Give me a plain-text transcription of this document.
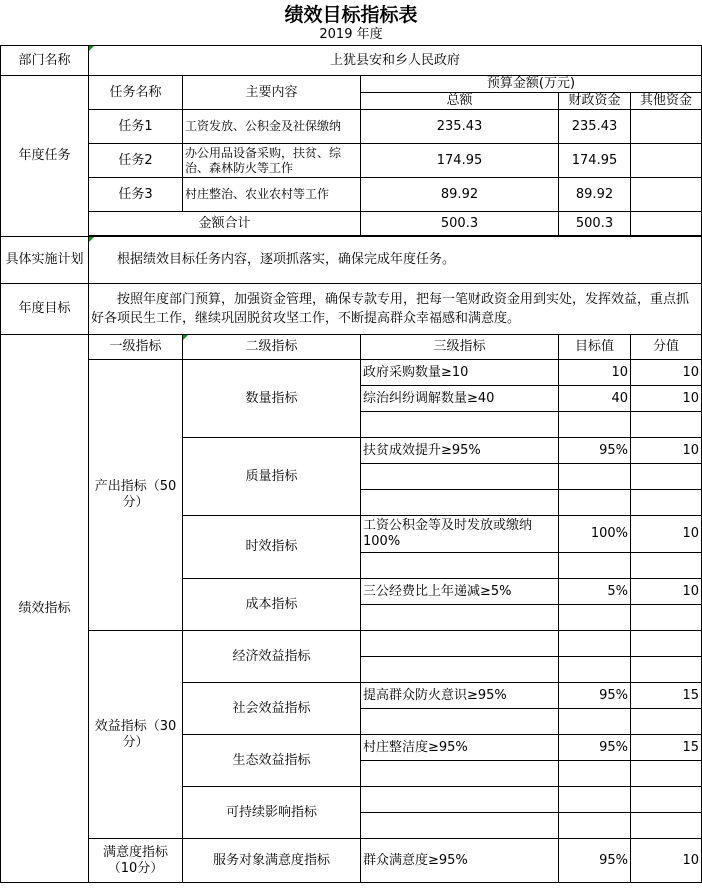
绩效目标指标表
2019 年度
部门名称	上犹县安和乡人民政府				
年度任务	任务名称	主要内容	预算金额(万元)		
			总额	财政资金	其他资金
	任务1	工资发放、公积金及社保缴纳	235.43	235.43	
	任务2	办公用品设备采购，扶贫、综治、森林防火等工作	174.95	174.95	
	任务3	村庄整治、农业农村等工作	89.92	89.92	
	金额合计		500.3	500.3	

具体实施计划	根据绩效目标任务内容，逐项抓落实，确保完成年度任务。				
年度目标	按照年度部门预算，加强资金管理，确保专款专用，把每一笔财政资金用到实处，发挥效益，重点抓好各项民生工作，继续巩固脱贫攻坚工作，不断提高群众幸福感和满意度。				
绩效指标	一级指标	二级指标	三级指标	目标值	分值
	产出指标（50分）	数量指标	政府采购数量≥10	10	10
			综治纠纷调解数量≥40	40	10

		质量指标	扶贫成效提升≥95%	95%	10

		时效指标	工资公积金等及时发放或缴纳100%	100%	10

		成本指标	三公经费比上年递减≥5%	5%	10

	效益指标（30分）	经济效益指标			

		社会效益指标	提高群众防火意识≥95%	95%	15

		生态效益指标	村庄整洁度≥95%	95%	15

		可持续影响指标			

	满意度指标（10分）	服务对象满意度指标	群众满意度≥95%	95%	10
